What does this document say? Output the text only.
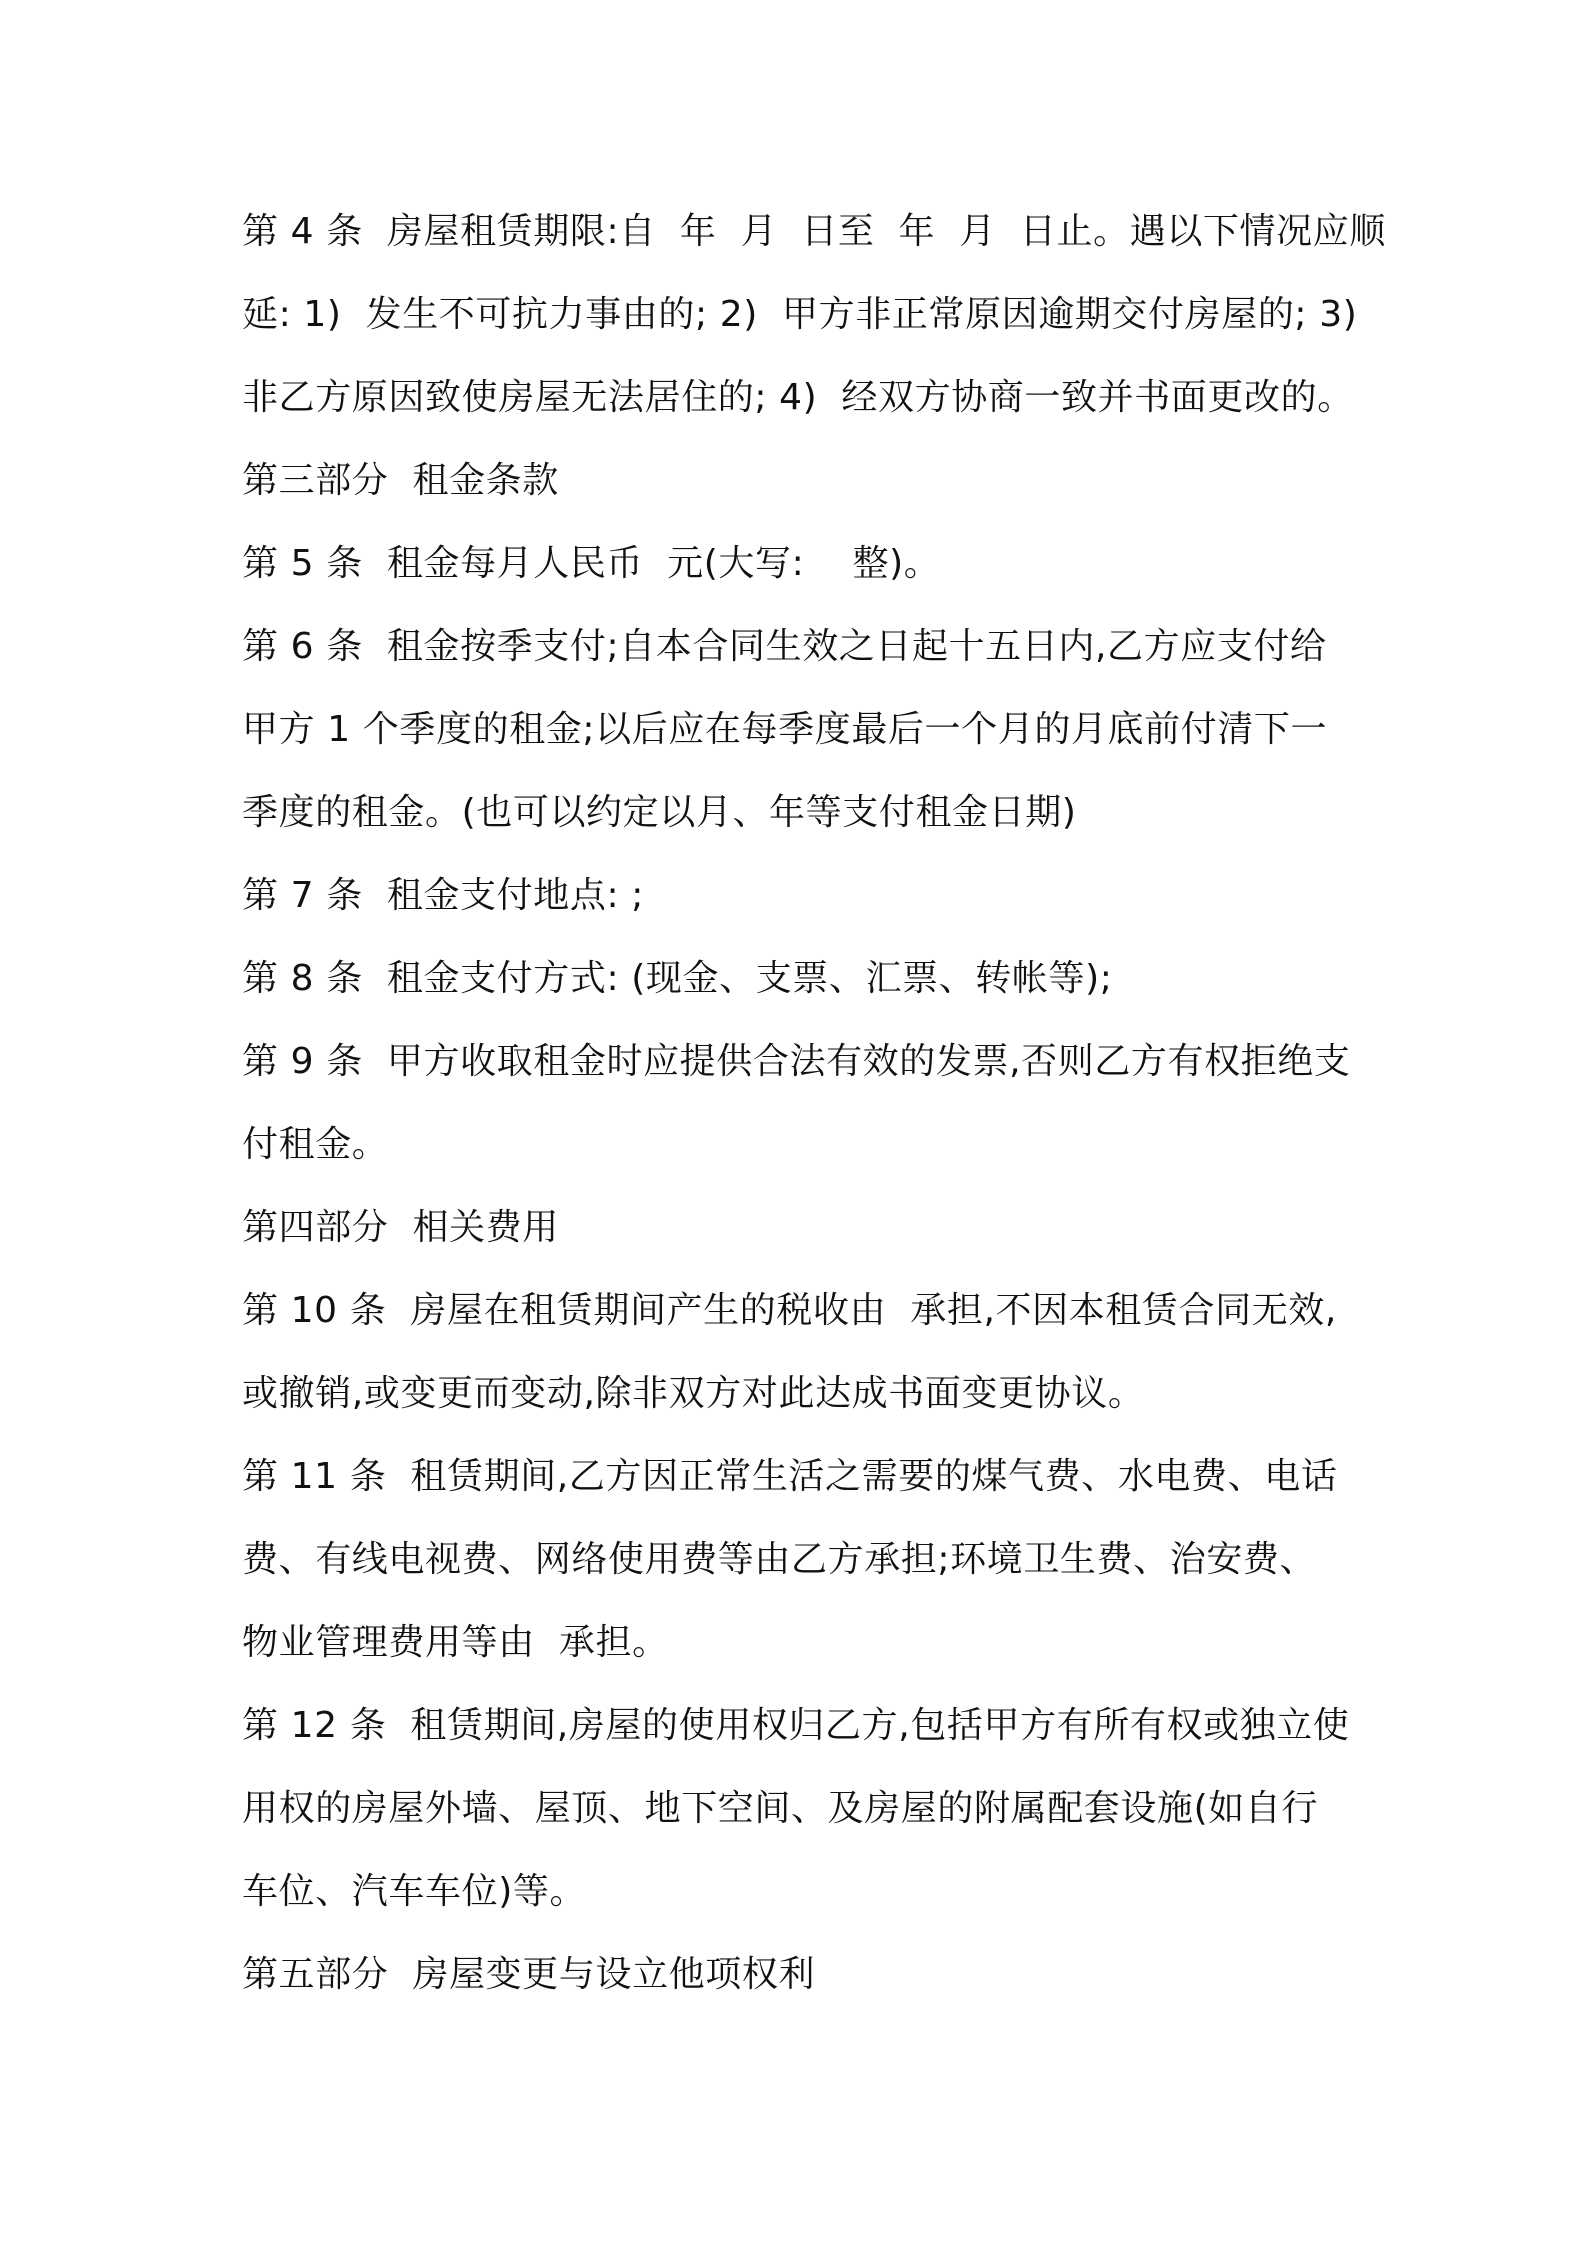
第 4 条  房屋租赁期限:自  年  月  日至  年  月  日止。遇以下情况应顺
延: 1)  发生不可抗力事由的; 2)  甲方非正常原因逾期交付房屋的; 3)
非乙方原因致使房屋无法居住的; 4)  经双方协商一致并书面更改的。
第三部分  租金条款
第 5 条  租金每月人民币  元(大写:    整)。
第 6 条  租金按季支付;自本合同生效之日起十五日内,乙方应支付给
甲方 1 个季度的租金;以后应在每季度最后一个月的月底前付清下一
季度的租金。(也可以约定以月、年等支付租金日期)
第 7 条  租金支付地点: ;
第 8 条  租金支付方式: (现金、支票、汇票、转帐等);
第 9 条  甲方收取租金时应提供合法有效的发票,否则乙方有权拒绝支
付租金。
第四部分  相关费用
第 10 条  房屋在租赁期间产生的税收由  承担,不因本租赁合同无效,
或撤销,或变更而变动,除非双方对此达成书面变更协议。
第 11 条  租赁期间,乙方因正常生活之需要的煤气费、水电费、电话
费、有线电视费、网络使用费等由乙方承担;环境卫生费、治安费、
物业管理费用等由  承担。
第 12 条  租赁期间,房屋的使用权归乙方,包括甲方有所有权或独立使
用权的房屋外墙、屋顶、地下空间、及房屋的附属配套设施(如自行
车位、汽车车位)等。
第五部分  房屋变更与设立他项权利
